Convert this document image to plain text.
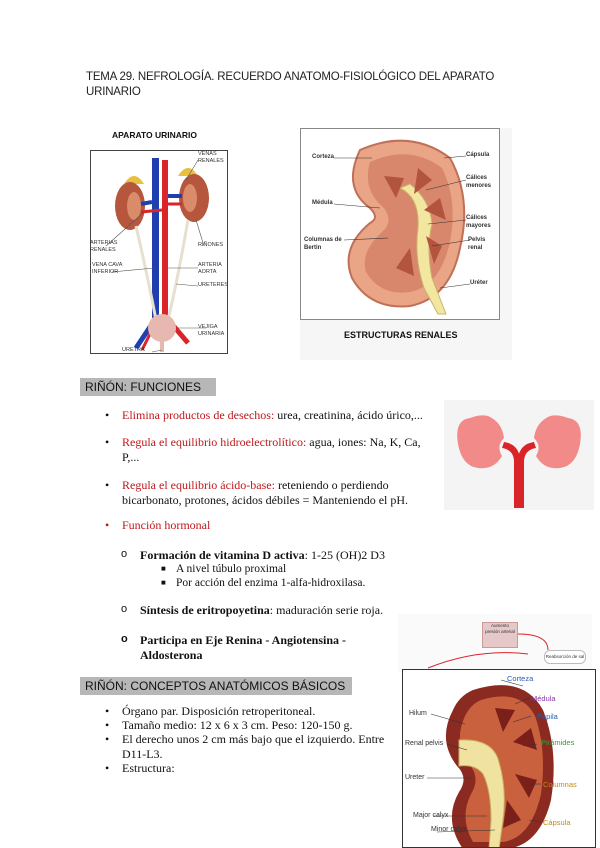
TEMA 29. NEFROLOGÍA. RECUERDO ANATOMO-FISIOLÓGICO DEL APARATO URINARIO
APARATO URINARIO
VENAS RENALES
ARTERIAS RENALES
RIÑONES
VENA CAVA INFERIOR
ARTERIA AORTA
URETERES
VEJIGA URINARIA
URETRA
Corteza
Médula
Columnas de Bertin
Cápsula
Cálices menores
Cálices mayores
Pelvis renal
Uréter
ESTRUCTURAS RENALES
RIÑÓN: FUNCIONES
• Elimina productos de desechos: urea, creatinina, ácido úrico,...
• Regula el equilibrio hidroelectrolítico: agua, iones: Na, K, Ca, P,...
• Regula el equilibrio ácido-base: reteniendo o perdiendo bicarbonato, protones, ácidos débiles = Manteniendo el pH.
• Función hormonal
o Formación de vitamina D activa: 1-25 (OH)2 D3
■ A nivel túbulo proximal
■ Por acción del enzima 1-alfa-hidroxilasa.
o Síntesis de eritropoyetina: maduración serie roja.
o Participa en Eje Renina - Angiotensina - Aldosterona
Aumento presión arterial
Reabsorción de sal
RIÑÓN: CONCEPTOS ANATÓMICOS BÁSICOS
• Órgano par. Disposición retroperitoneal.
• Tamaño medio: 12 x 6 x 3 cm. Peso: 120-150 g.
• El derecho unos 2 cm más bajo que el izquierdo. Entre D11-L3.
• Estructura:
Corteza
Médula
Papila
Pirámides
Columnas
Cápsula
Hilum
Renal pelvis
Ureter
Major calyx
Minor calyx
